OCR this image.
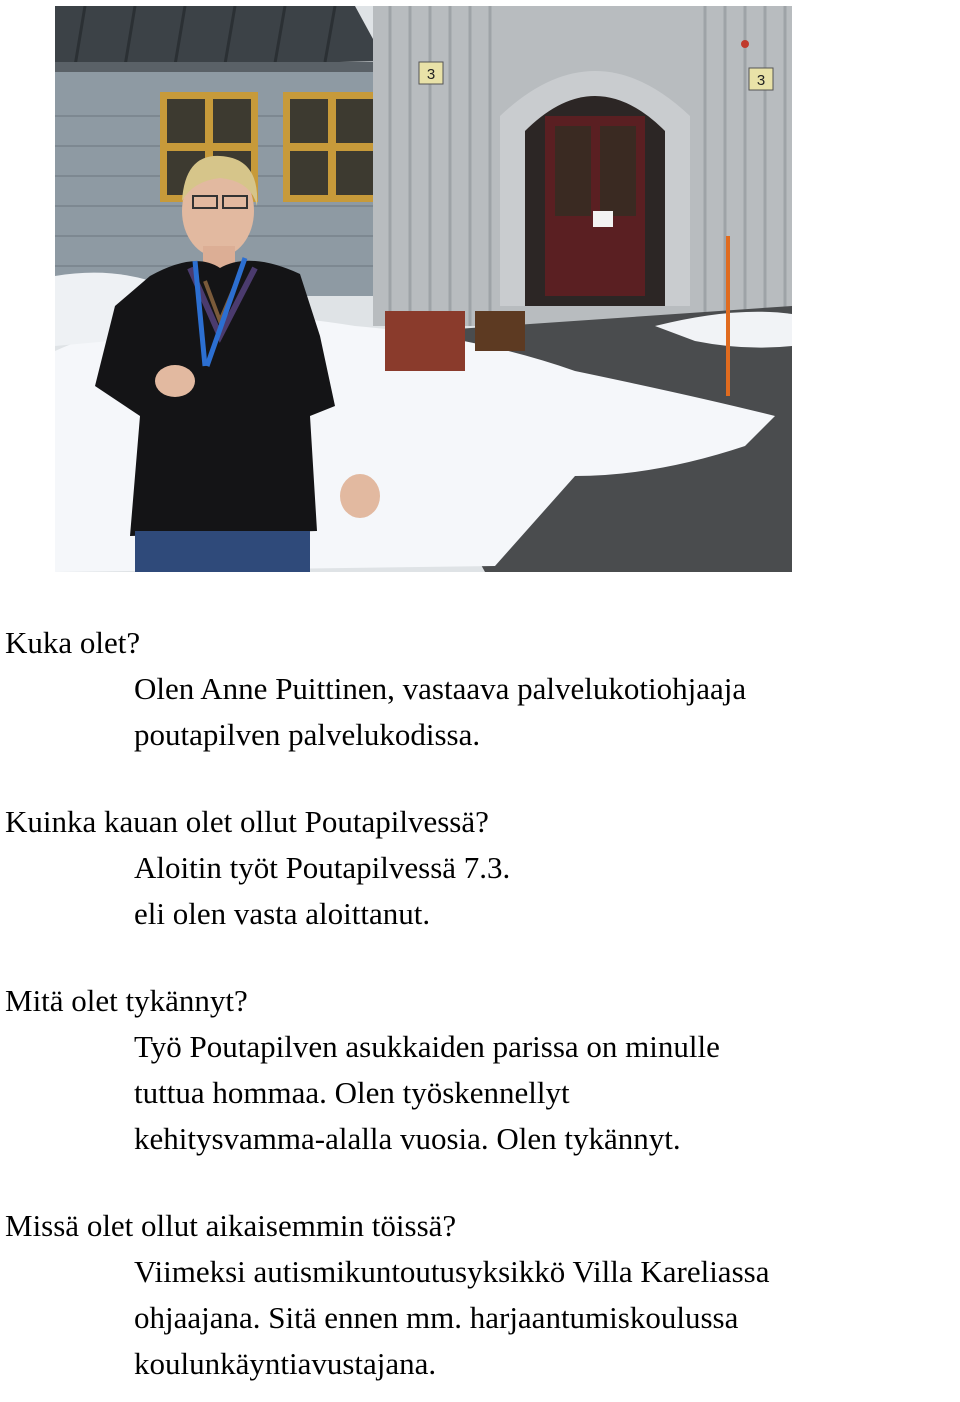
3	3

Kuka olet?

Olen Anne Puittinen, vastaava palvelukotiohjaaja

poutapilven palvelukodissa.

Kuinka kauan olet ollut Poutapilvessä?

Aloitin työt Poutapilvessä 7.3.

eli olen vasta aloittanut.

Mitä olet tykännyt?

Työ Poutapilven asukkaiden parissa on minulle

tuttua hommaa. Olen työskennellyt

kehitysvamma-alalla vuosia. Olen tykännyt.

Missä olet ollut aikaisemmin töissä?

Viimeksi autismikuntoutusyksikkö Villa Kareliassa

ohjaajana. Sitä ennen mm. harjaantumiskoulussa

koulunkäyntiavustajana.
